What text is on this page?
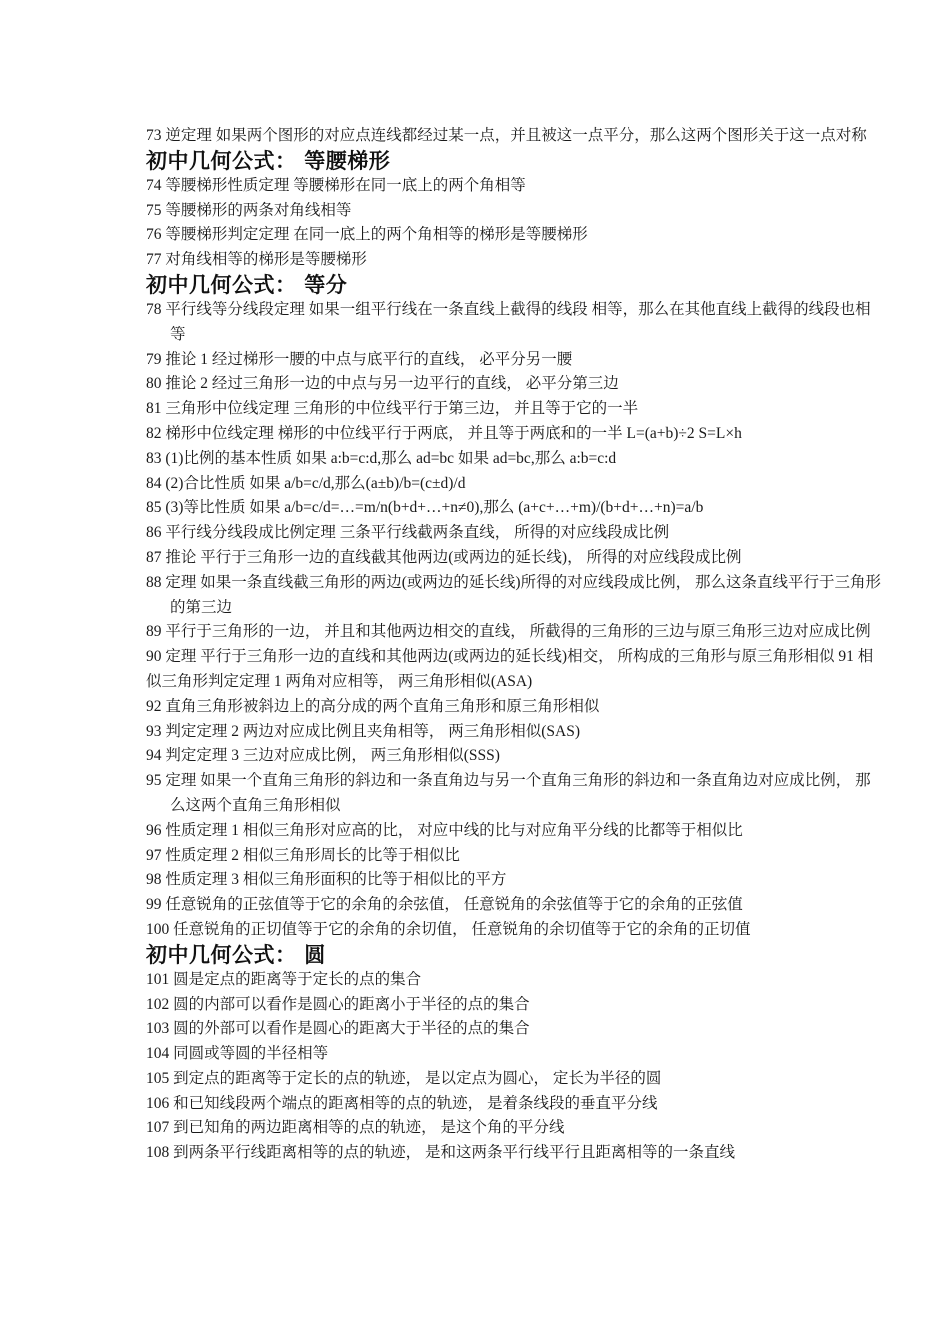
73 逆定理 如果两个图形的对应点连线都经过某一点，并且被这一点平分，那么这两个图形关于这一点对称
初中几何公式： 等腰梯形
74 等腰梯形性质定理 等腰梯形在同一底上的两个角相等
75 等腰梯形的两条对角线相等
76 等腰梯形判定定理 在同一底上的两个角相等的梯形是等腰梯形
77 对角线相等的梯形是等腰梯形
初中几何公式： 等分
78 平行线等分线段定理 如果一组平行线在一条直线上截得的线段 相等，那么在其他直线上截得的线段也相等
79 推论 1 经过梯形一腰的中点与底平行的直线， 必平分另一腰
80 推论 2 经过三角形一边的中点与另一边平行的直线， 必平分第三边
81 三角形中位线定理 三角形的中位线平行于第三边， 并且等于它的一半
82 梯形中位线定理 梯形的中位线平行于两底， 并且等于两底和的一半 L=(a+b)÷2 S=L×h
83 (1)比例的基本性质 如果 a:b=c:d,那么 ad=bc 如果 ad=bc,那么 a:b=c:d
84 (2)合比性质 如果 a/b=c/d,那么(a±b)/b=(c±d)/d
85 (3)等比性质 如果 a/b=c/d=…=m/n(b+d+…+n≠0),那么 (a+c+…+m)/(b+d+…+n)=a/b
86 平行线分线段成比例定理 三条平行线截两条直线， 所得的对应线段成比例
87 推论 平行于三角形一边的直线截其他两边(或两边的延长线)， 所得的对应线段成比例
88 定理 如果一条直线截三角形的两边(或两边的延长线)所得的对应线段成比例， 那么这条直线平行于三角形的第三边
89 平行于三角形的一边， 并且和其他两边相交的直线， 所截得的三角形的三边与原三角形三边对应成比例
90 定理 平行于三角形一边的直线和其他两边(或两边的延长线)相交， 所构成的三角形与原三角形相似 91 相似三角形判定定理 1 两角对应相等， 两三角形相似(ASA)
92 直角三角形被斜边上的高分成的两个直角三角形和原三角形相似
93 判定定理 2 两边对应成比例且夹角相等， 两三角形相似(SAS)
94 判定定理 3 三边对应成比例， 两三角形相似(SSS)
95 定理 如果一个直角三角形的斜边和一条直角边与另一个直角三角形的斜边和一条直角边对应成比例， 那么这两个直角三角形相似
96 性质定理 1 相似三角形对应高的比， 对应中线的比与对应角平分线的比都等于相似比
97 性质定理 2 相似三角形周长的比等于相似比
98 性质定理 3 相似三角形面积的比等于相似比的平方
99 任意锐角的正弦值等于它的余角的余弦值， 任意锐角的余弦值等于它的余角的正弦值
100 任意锐角的正切值等于它的余角的余切值， 任意锐角的余切值等于它的余角的正切值
初中几何公式： 圆
101 圆是定点的距离等于定长的点的集合
102 圆的内部可以看作是圆心的距离小于半径的点的集合
103 圆的外部可以看作是圆心的距离大于半径的点的集合
104 同圆或等圆的半径相等
105 到定点的距离等于定长的点的轨迹， 是以定点为圆心， 定长为半径的圆
106 和已知线段两个端点的距离相等的点的轨迹， 是着条线段的垂直平分线
107 到已知角的两边距离相等的点的轨迹， 是这个角的平分线
108 到两条平行线距离相等的点的轨迹， 是和这两条平行线平行且距离相等的一条直线
